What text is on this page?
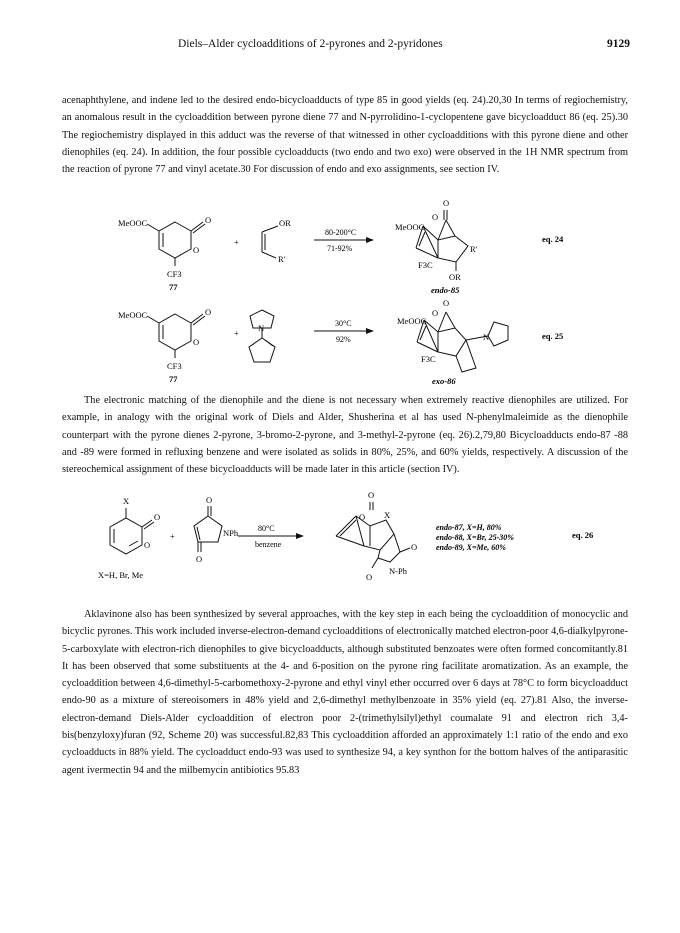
Diels–Alder cycloadditions of 2-pyrones and 2-pyridones	9129

acenaphthylene, and indene led to the desired endo-bicycloadducts of type 85 in good yields (eq. 24).20,30 In terms of regiochemistry, an anomalous result in the cycloaddition between pyrone diene 77 and N-pyrrolidino-1-cyclopentene gave bicycloadduct 86 (eq. 25).30 The regiochemistry displayed in this adduct was the reverse of that witnessed in other cycloadditions with this pyrone diene and other dienophiles (eq. 24). In addition, the four possible cycloadducts (two endo and two exo) were observed in the 1H NMR spectrum from the reaction of pyrone 77 and vinyl acetate.30 For discussion of endo and exo assignments, see section IV.

MeOOC	O
O
CF3
77
+
OR
R'
80-200°C
71-92%
O
MeOOC
O
R'
F3C
OR
endo-85
eq. 24
MeOOC	O
O
CF3
77
+ N	30°C
92%
O
MeOOC
O
N
F3C
exo-86
eq. 25

The electronic matching of the dienophile and the diene is not necessary when extremely reactive dienophiles are utilized. For example, in analogy with the original work of Diels and Alder, Shusherina et al has used N-phenylmaleimide as the dienophile counterpart with the pyrone dienes 2-pyrone, 3-bromo-2-pyrone, and 3-methyl-2-pyrone (eq. 26).2,79,80 Bicycloadducts endo-87 -88 and -89 were formed in refluxing benzene and were isolated as solids in 80%, 25%, and 60% yields, respectively. A discussion of the stereochemical assignment of these bicycloadducts will be made later in this article (section IV).

X
O
O
X=H, Br, Me
+
O
NPh
O
80°C
benzene
O
O X
O
N-Ph
O
endo-87, X=H, 80%
endo-88, X=Br, 25-30%
endo-89, X=Me, 60%
eq. 26

Aklavinone also has been synthesized by several approaches, with the key step in each being the cycloaddition of monocyclic and bicyclic pyrones. This work included inverse-electron-demand cycloadditions of electronically matched electron-poor 4,6-dialkylpyrone-5-carboxylate with electron-rich dienophiles to give bicycloadducts, although substituted benzoates were often formed concomitantly.81 It has been observed that some substituents at the 4- and 6-position on the pyrone ring facilitate aromatization. As an example, the cycloaddition between 4,6-dimethyl-5-carbomethoxy-2-pyrone and ethyl vinyl ether occurred over 6 days at 78°C to form bicycloadduct endo-90 as a mixture of stereoisomers in 48% yield and 2,6-dimethyl methylbenzoate in 35% yield (eq. 27).81 Also, the inverse-electron-demand Diels-Alder cycloaddition of electron poor 2-(trimethylsilyl)ethyl coumalate 91 and electron rich 3,4-bis(benzyloxy)furan (92, Scheme 20) was successful.82,83 This cycloaddition afforded an approximately 1:1 ratio of the endo and exo cycloadducts in 88% yield. The cycloadduct endo-93 was used to synthesize 94, a key synthon for the bottom halves of the antiparasitic agent ivermectin 94 and the milbemycin antibiotics 95.83
